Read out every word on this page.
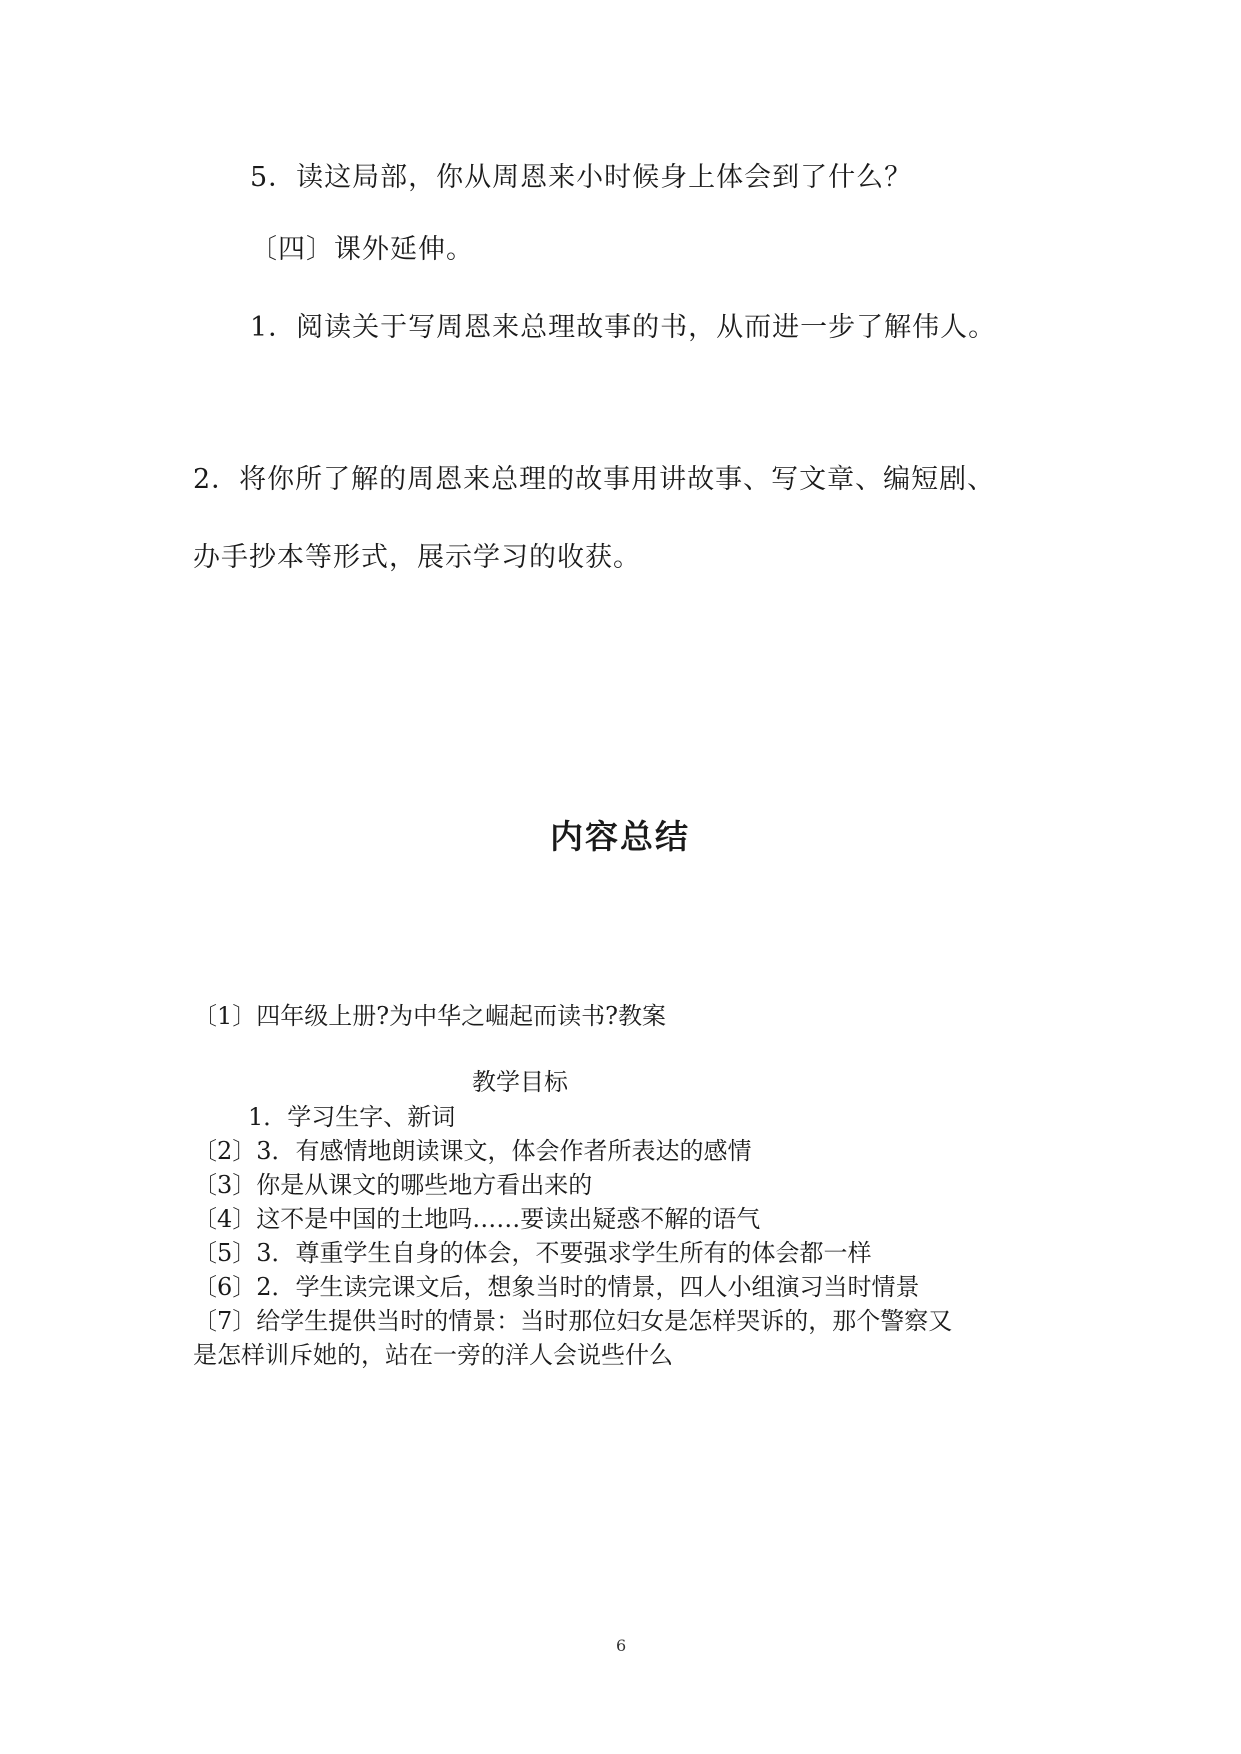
5．读这局部，你从周恩来小时候身上体会到了什么？
〔四〕课外延伸。
1．阅读关于写周恩来总理故事的书，从而进一步了解伟人。
2．将你所了解的周恩来总理的故事用讲故事、写文章、编短剧、
办手抄本等形式，展示学习的收获。
内容总结
〔1〕四年级上册?为中华之崛起而读书?教案
教学目标
1．学习生字、新词
〔2〕3．有感情地朗读课文，体会作者所表达的感情
〔3〕你是从课文的哪些地方看出来的
〔4〕这不是中国的土地吗……要读出疑惑不解的语气
〔5〕3．尊重学生自身的体会，不要强求学生所有的体会都一样
〔6〕2．学生读完课文后，想象当时的情景，四人小组演习当时情景
〔7〕给学生提供当时的情景：当时那位妇女是怎样哭诉的，那个警察又
是怎样训斥她的，站在一旁的洋人会说些什么
6
